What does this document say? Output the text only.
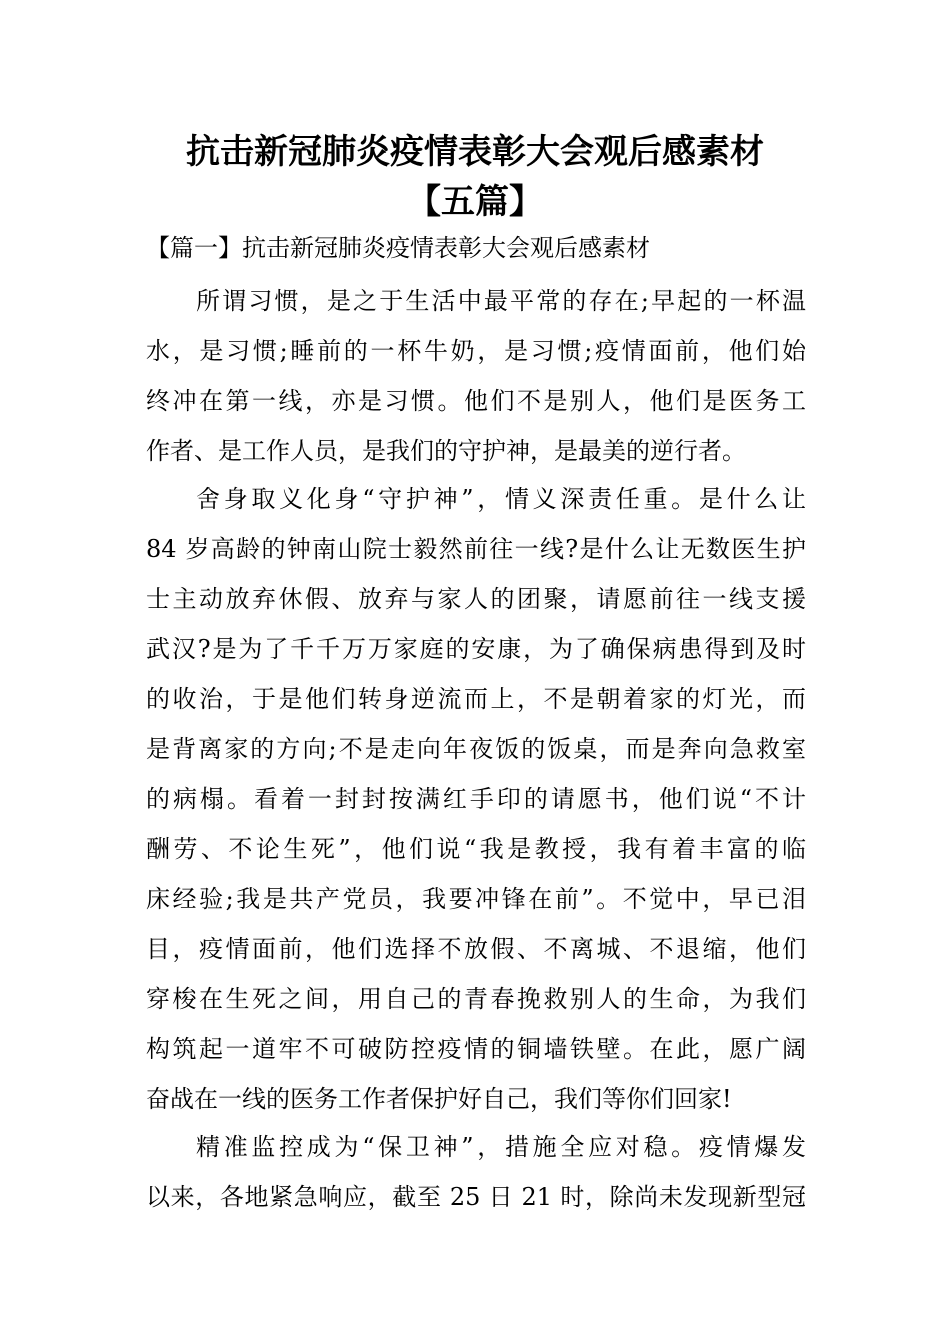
抗击新冠肺炎疫情表彰大会观后感素材
【五篇】
【篇一】抗击新冠肺炎疫情表彰大会观后感素材
所谓习惯，是之于生活中最平常的存在;早起的一杯温
水，是习惯;睡前的一杯牛奶，是习惯;疫情面前，他们始
终冲在第一线，亦是习惯。他们不是别人，他们是医务工
作者、是工作人员，是我们的守护神，是最美的逆行者。
舍身取义化身“守护神”，情义深责任重。是什么让
84 岁高龄的钟南山院士毅然前往一线?是什么让无数医生护
士主动放弃休假、放弃与家人的团聚，请愿前往一线支援
武汉?是为了千千万万家庭的安康，为了确保病患得到及时
的收治，于是他们转身逆流而上，不是朝着家的灯光，而
是背离家的方向;不是走向年夜饭的饭桌，而是奔向急救室
的病榻。看着一封封按满红手印的请愿书，他们说“不计
酬劳、不论生死”，他们说“我是教授，我有着丰富的临
床经验;我是共产党员，我要冲锋在前”。不觉中，早已泪
目，疫情面前，他们选择不放假、不离城、不退缩，他们
穿梭在生死之间，用自己的青春挽救别人的生命，为我们
构筑起一道牢不可破防控疫情的铜墙铁壁。在此，愿广阔
奋战在一线的医务工作者保护好自己，我们等你们回家!
精准监控成为“保卫神”，措施全应对稳。疫情爆发
以来，各地紧急响应，截至 25 日 21 时，除尚未发现新型冠
